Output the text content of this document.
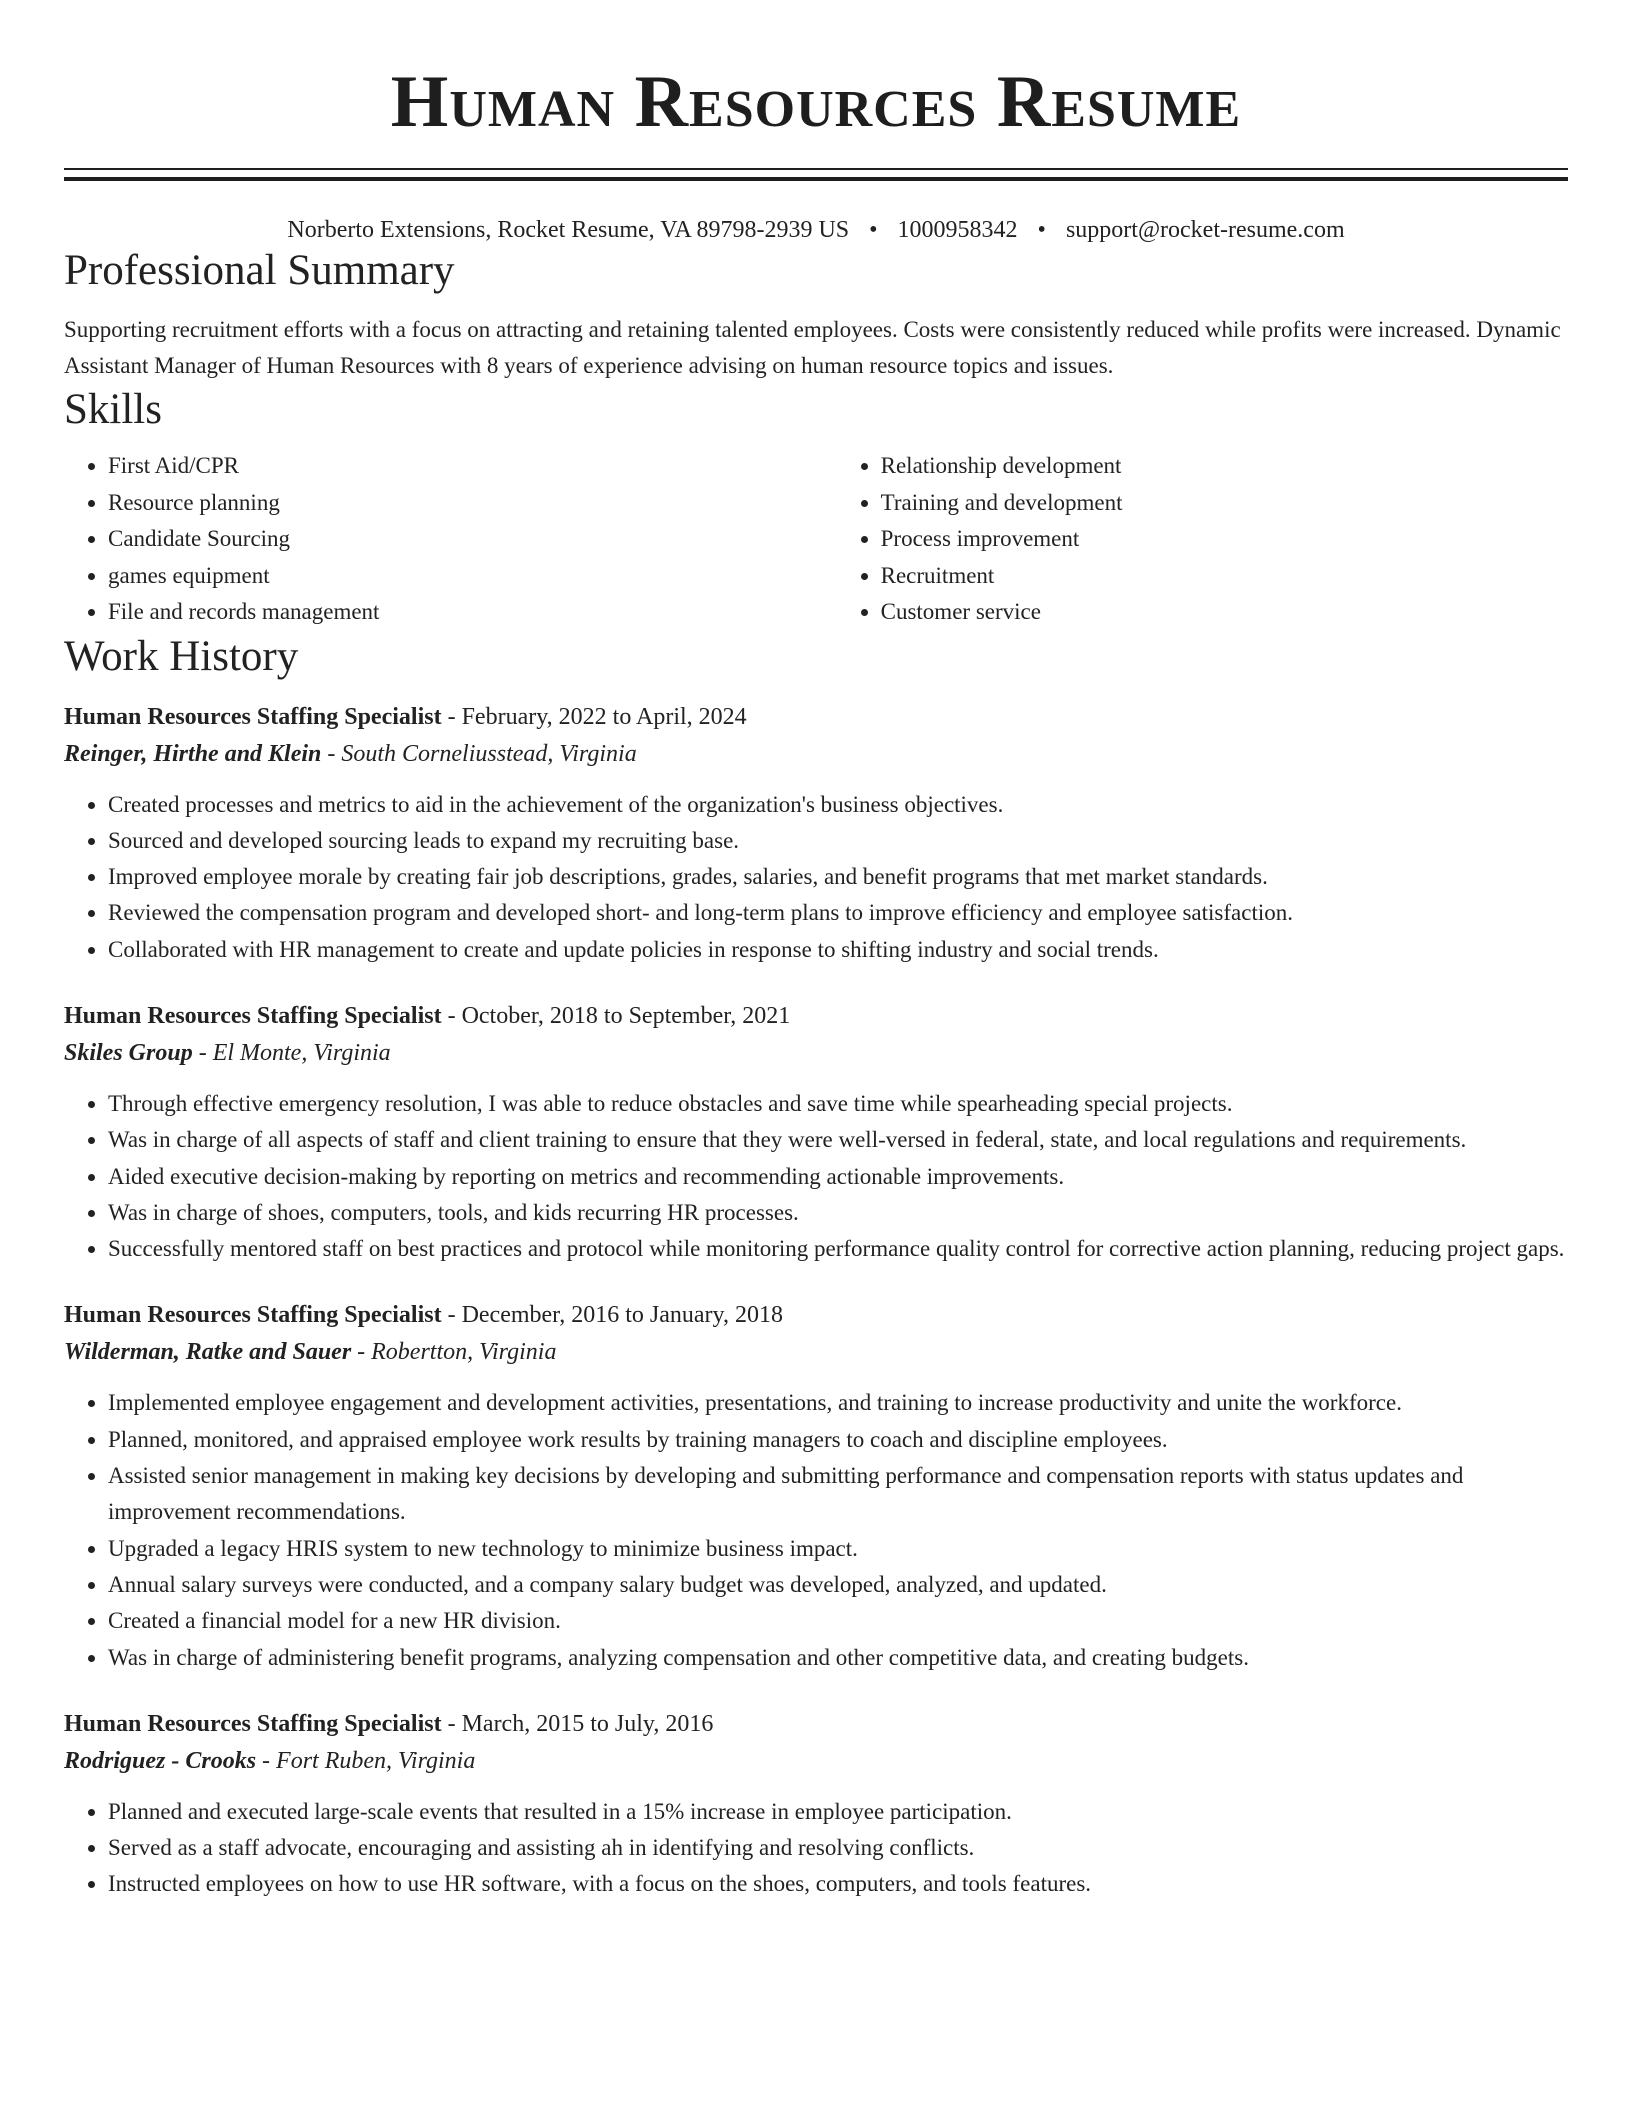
Human Resources Resume
Norberto Extensions, Rocket Resume, VA 89798-2939 US • 1000958342 • support@rocket-resume.com
Professional Summary
Supporting recruitment efforts with a focus on attracting and retaining talented employees. Costs were consistently reduced while profits were increased. Dynamic Assistant Manager of Human Resources with 8 years of experience advising on human resource topics and issues.
Skills
• First Aid/CPR
• Resource planning
• Candidate Sourcing
• games equipment
• File and records management
• Relationship development
• Training and development
• Process improvement
• Recruitment
• Customer service
Work History
Human Resources Staffing Specialist - February, 2022 to April, 2024
Reinger, Hirthe and Klein - South Corneliusstead, Virginia
• Created processes and metrics to aid in the achievement of the organization's business objectives.
• Sourced and developed sourcing leads to expand my recruiting base.
• Improved employee morale by creating fair job descriptions, grades, salaries, and benefit programs that met market standards.
• Reviewed the compensation program and developed short- and long-term plans to improve efficiency and employee satisfaction.
• Collaborated with HR management to create and update policies in response to shifting industry and social trends.
Human Resources Staffing Specialist - October, 2018 to September, 2021
Skiles Group - El Monte, Virginia
• Through effective emergency resolution, I was able to reduce obstacles and save time while spearheading special projects.
• Was in charge of all aspects of staff and client training to ensure that they were well-versed in federal, state, and local regulations and requirements.
• Aided executive decision-making by reporting on metrics and recommending actionable improvements.
• Was in charge of shoes, computers, tools, and kids recurring HR processes.
• Successfully mentored staff on best practices and protocol while monitoring performance quality control for corrective action planning, reducing project gaps.
Human Resources Staffing Specialist - December, 2016 to January, 2018
Wilderman, Ratke and Sauer - Robertton, Virginia
• Implemented employee engagement and development activities, presentations, and training to increase productivity and unite the workforce.
• Planned, monitored, and appraised employee work results by training managers to coach and discipline employees.
• Assisted senior management in making key decisions by developing and submitting performance and compensation reports with status updates and improvement recommendations.
• Upgraded a legacy HRIS system to new technology to minimize business impact.
• Annual salary surveys were conducted, and a company salary budget was developed, analyzed, and updated.
• Created a financial model for a new HR division.
• Was in charge of administering benefit programs, analyzing compensation and other competitive data, and creating budgets.
Human Resources Staffing Specialist - March, 2015 to July, 2016
Rodriguez - Crooks - Fort Ruben, Virginia
• Planned and executed large-scale events that resulted in a 15% increase in employee participation.
• Served as a staff advocate, encouraging and assisting ah in identifying and resolving conflicts.
• Instructed employees on how to use HR software, with a focus on the shoes, computers, and tools features.
